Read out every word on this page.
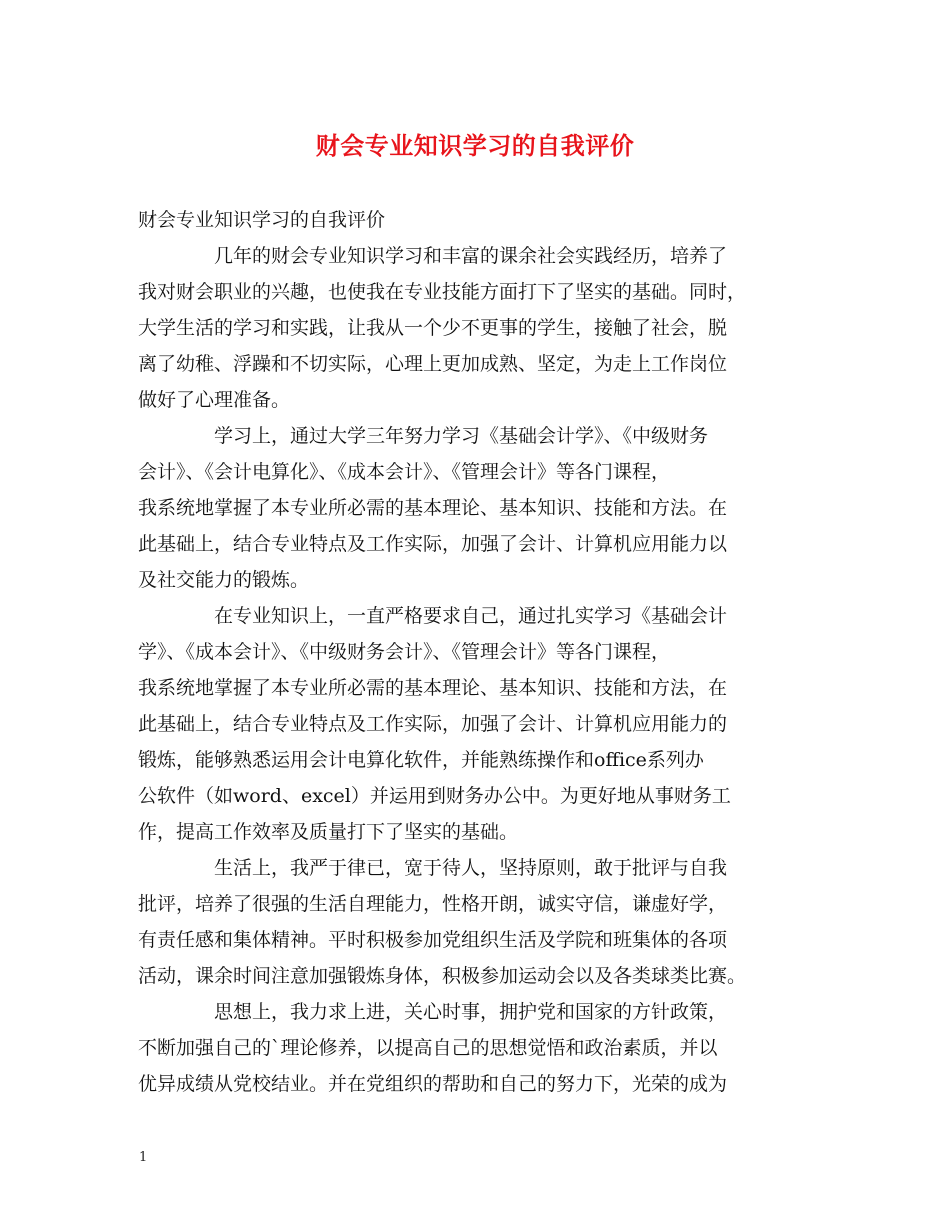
财会专业知识学习的自我评价
财会专业知识学习的自我评价
几年的财会专业知识学习和丰富的课余社会实践经历，培养了
我对财会职业的兴趣，也使我在专业技能方面打下了坚实的基础。同时，
大学生活的学习和实践，让我从一个少不更事的学生，接触了社会，脱
离了幼稚、浮躁和不切实际，心理上更加成熟、坚定，为走上工作岗位
做好了心理准备。
学习上，通过大学三年努力学习《基础会计学》、《中级财务
会计》、《会计电算化》、《成本会计》、《管理会计》等各门课程，
我系统地掌握了本专业所必需的基本理论、基本知识、技能和方法。在
此基础上，结合专业特点及工作实际，加强了会计、计算机应用能力以
及社交能力的锻炼。
在专业知识上，一直严格要求自己，通过扎实学习《基础会计
学》、《成本会计》、《中级财务会计》、《管理会计》等各门课程，
我系统地掌握了本专业所必需的基本理论、基本知识、技能和方法，在
此基础上，结合专业特点及工作实际，加强了会计、计算机应用能力的
锻炼，能够熟悉运用会计电算化软件，并能熟练操作和office系列办
公软件（如word、excel）并运用到财务办公中。为更好地从事财务工
作，提高工作效率及质量打下了坚实的基础。
生活上，我严于律已，宽于待人，坚持原则，敢于批评与自我
批评，培养了很强的生活自理能力，性格开朗，诚实守信，谦虚好学，
有责任感和集体精神。平时积极参加党组织生活及学院和班集体的各项
活动，课余时间注意加强锻炼身体，积极参加运动会以及各类球类比赛。
思想上，我力求上进，关心时事，拥护党和国家的方针政策，
不断加强自己的`理论修养，以提高自己的思想觉悟和政治素质，并以
优异成绩从党校结业。并在党组织的帮助和自己的努力下，光荣的成为
1
